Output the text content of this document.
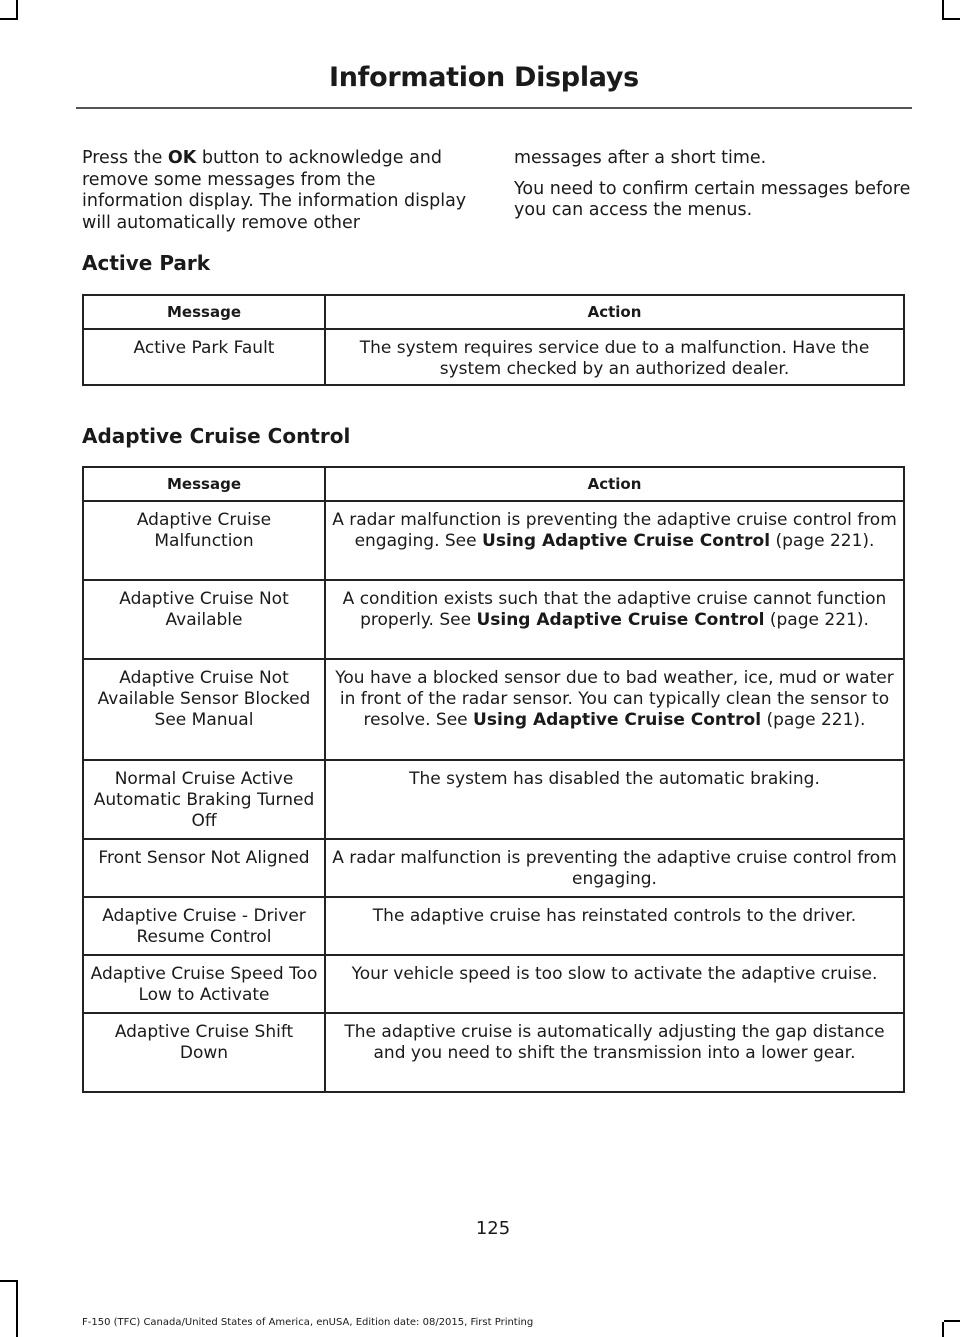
Information Displays

Press the OK button to acknowledge and remove some messages from the information display. The information display will automatically remove other

messages after a short time.

You need to confirm certain messages before you can access the menus.

Active Park
Message	Action
Active Park Fault	The system requires service due to a malfunction. Have the system checked by an authorized dealer.
Adaptive Cruise Control
Message	Action
Adaptive Cruise Malfunction	A radar malfunction is preventing the adaptive cruise control from engaging. See Using Adaptive Cruise Control (page 221).
Adaptive Cruise Not Available	A condition exists such that the adaptive cruise cannot function properly. See Using Adaptive Cruise Control (page 221).
Adaptive Cruise Not Available Sensor Blocked See Manual	You have a blocked sensor due to bad weather, ice, mud or water in front of the radar sensor. You can typically clean the sensor to resolve. See Using Adaptive Cruise Control (page 221).
Normal Cruise Active Automatic Braking Turned Off	The system has disabled the automatic braking.
Front Sensor Not Aligned	A radar malfunction is preventing the adaptive cruise control from engaging.
Adaptive Cruise - Driver Resume Control	The adaptive cruise has reinstated controls to the driver.
Adaptive Cruise Speed Too Low to Activate	Your vehicle speed is too slow to activate the adaptive cruise.
Adaptive Cruise Shift Down	The adaptive cruise is automatically adjusting the gap distance and you need to shift the transmission into a lower gear.
125
F-150 (TFC) Canada/United States of America, enUSA, Edition date: 08/2015, First Printing
